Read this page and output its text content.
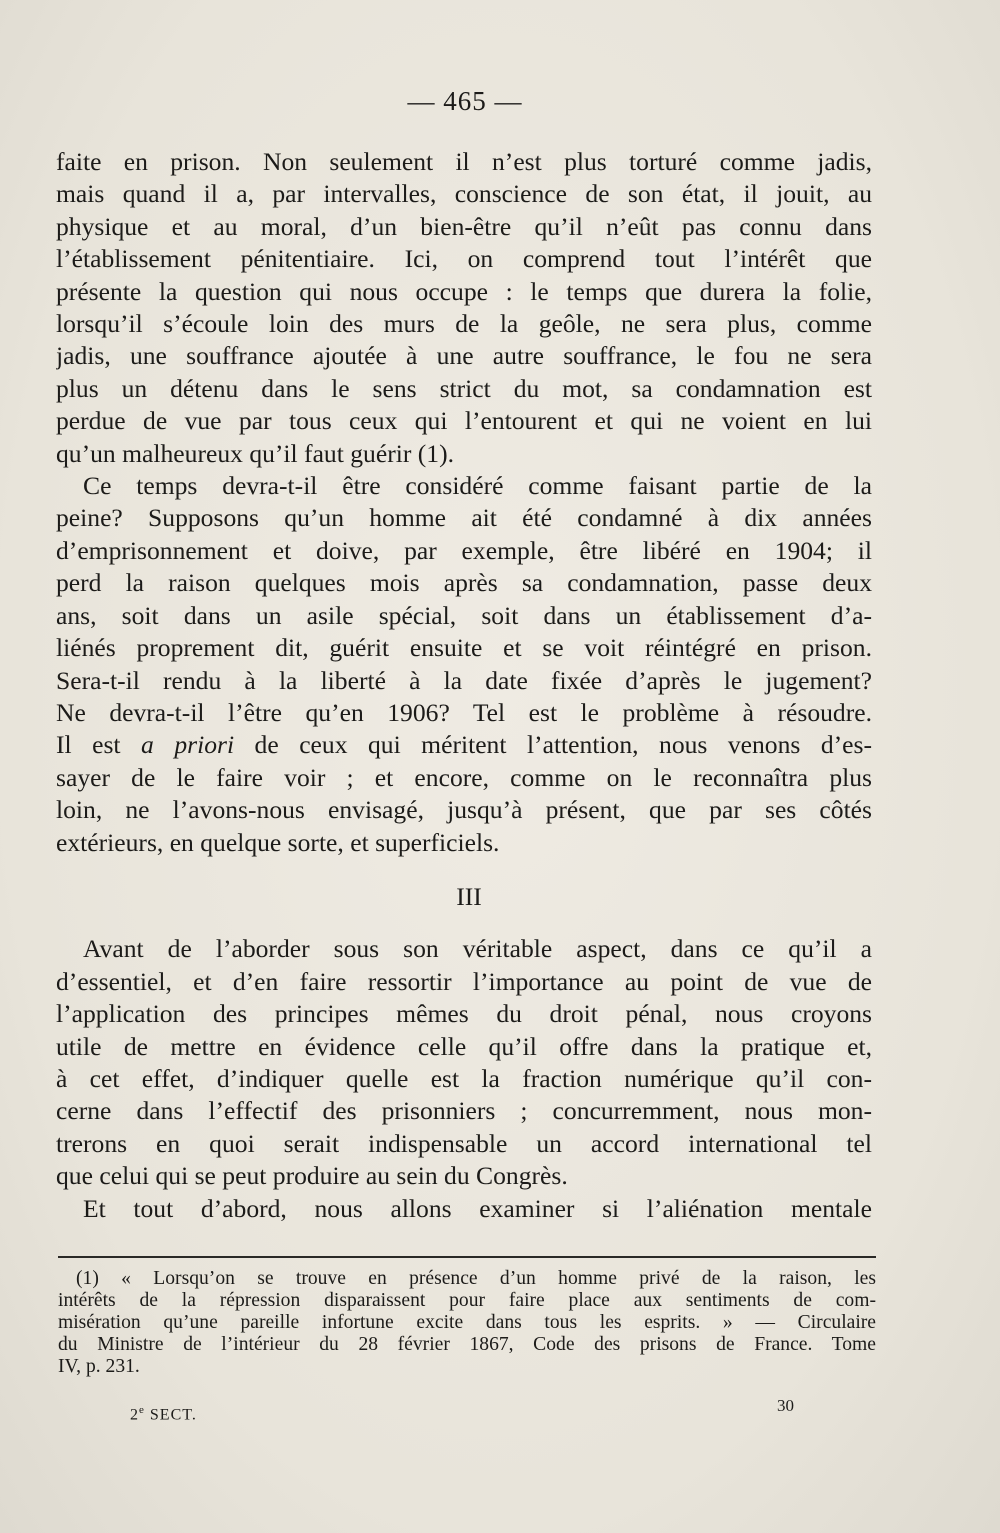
— 465 —
faite en prison. Non seulement il n’est plus torturé comme jadis,
mais quand il a, par intervalles, conscience de son état, il jouit, au
physique et au moral, d’un bien-être qu’il n’eût pas connu dans
l’établissement pénitentiaire. Ici, on comprend tout l’intérêt que
présente la question qui nous occupe : le temps que durera la folie,
lorsqu’il s’écoule loin des murs de la geôle, ne sera plus, comme
jadis, une souffrance ajoutée à une autre souffrance, le fou ne sera
plus un détenu dans le sens strict du mot, sa condamnation est
perdue de vue par tous ceux qui l’entourent et qui ne voient en lui
qu’un malheureux qu’il faut guérir (1).
Ce temps devra-t-il être considéré comme faisant partie de la
peine? Supposons qu’un homme ait été condamné à dix années
d’emprisonnement et doive, par exemple, être libéré en 1904; il
perd la raison quelques mois après sa condamnation, passe deux
ans, soit dans un asile spécial, soit dans un établissement d’a-
liénés proprement dit, guérit ensuite et se voit réintégré en prison.
Sera-t-il rendu à la liberté à la date fixée d’après le jugement?
Ne devra-t-il l’être qu’en 1906? Tel est le problème à résoudre.
Il est a priori de ceux qui méritent l’attention, nous venons d’es-
sayer de le faire voir ; et encore, comme on le reconnaîtra plus
loin, ne l’avons-nous envisagé, jusqu’à présent, que par ses côtés
extérieurs, en quelque sorte, et superficiels.
III
Avant de l’aborder sous son véritable aspect, dans ce qu’il a
d’essentiel, et d’en faire ressortir l’importance au point de vue de
l’application des principes mêmes du droit pénal, nous croyons
utile de mettre en évidence celle qu’il offre dans la pratique et,
à cet effet, d’indiquer quelle est la fraction numérique qu’il con-
cerne dans l’effectif des prisonniers ; concurremment, nous mon-
trerons en quoi serait indispensable un accord international tel
que celui qui se peut produire au sein du Congrès.
Et tout d’abord, nous allons examiner si l’aliénation mentale
(1) « Lorsqu’on se trouve en présence d’un homme privé de la raison, les
intérêts de la répression disparaissent pour faire place aux sentiments de com-
misération qu’une pareille infortune excite dans tous les esprits. » — Circulaire
du Ministre de l’intérieur du 28 février 1867, Code des prisons de France. Tome
IV, p. 231.
2e SECT.	30
